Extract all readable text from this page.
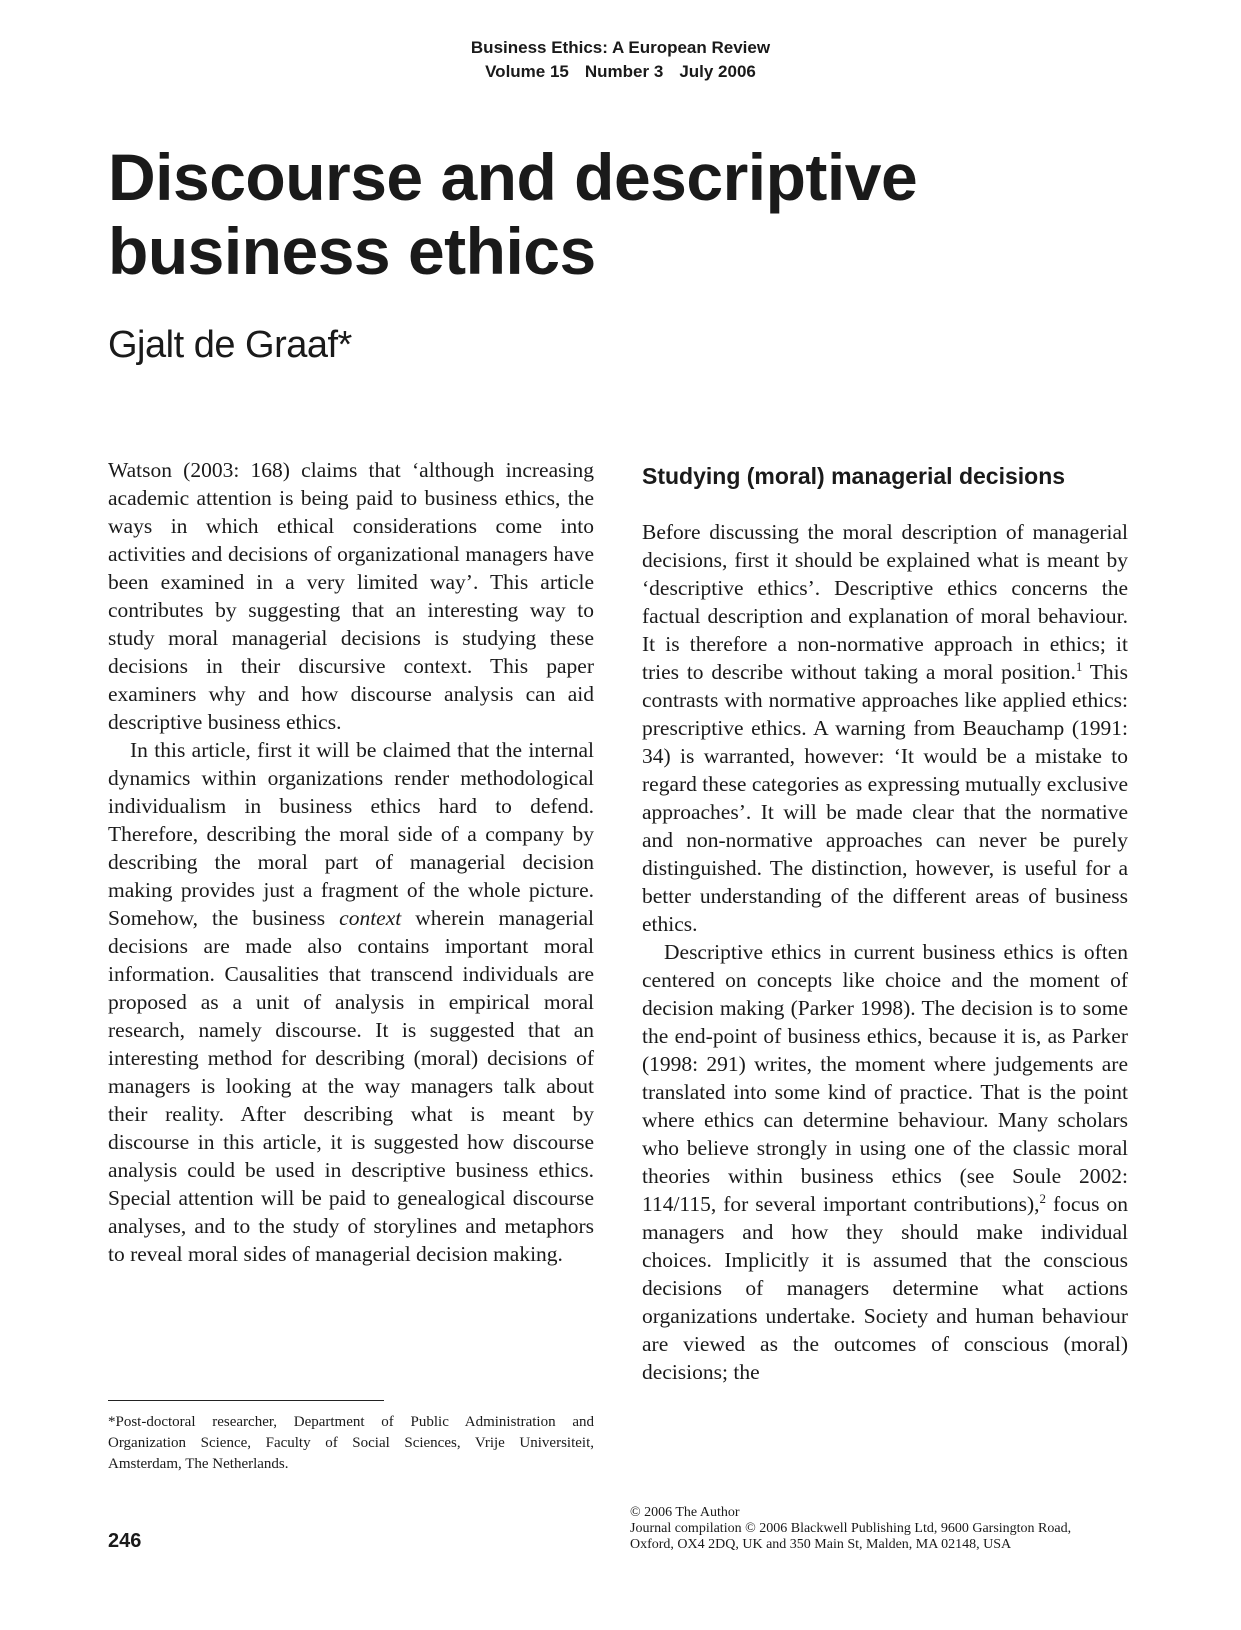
Business Ethics: A European Review
Volume 15 Number 3 July 2006
Discourse and descriptive business ethics
Gjalt de Graaf*

Watson (2003: 168) claims that ‘although increasing academic attention is being paid to business ethics, the ways in which ethical considerations come into activities and decisions of organizational managers have been examined in a very limited way’. This article contributes by suggesting that an interesting way to study moral managerial decisions is studying these decisions in their discursive context. This paper examiners why and how discourse analysis can aid descriptive business ethics.

In this article, first it will be claimed that the internal dynamics within organizations render methodological individualism in business ethics hard to defend. Therefore, describing the moral side of a company by describing the moral part of managerial decision making provides just a fragment of the whole picture. Somehow, the business context wherein managerial decisions are made also contains important moral information. Causalities that transcend individuals are proposed as a unit of analysis in empirical moral research, namely discourse. It is suggested that an interesting method for describing (moral) decisions of managers is looking at the way managers talk about their reality. After describing what is meant by discourse in this article, it is suggested how discourse analysis could be used in descriptive business ethics. Special attention will be paid to genealogical discourse analyses, and to the study of storylines and metaphors to reveal moral sides of managerial decision making.

Studying (moral) managerial decisions

Before discussing the moral description of managerial decisions, first it should be explained what is meant by ‘descriptive ethics’. Descriptive ethics concerns the factual description and explanation of moral behaviour. It is therefore a non-normative approach in ethics; it tries to describe without taking a moral position.$^1$ This contrasts with normative approaches like applied ethics: prescriptive ethics. A warning from Beauchamp (1991: 34) is warranted, however: ‘It would be a mistake to regard these categories as expressing mutually exclusive approaches’. It will be made clear that the normative and non-normative approaches can never be purely distinguished. The distinction, however, is useful for a better understanding of the different areas of business ethics.

Descriptive ethics in current business ethics is often centered on concepts like choice and the moment of decision making (Parker 1998). The decision is to some the end-point of business ethics, because it is, as Parker (1998: 291) writes, the moment where judgements are translated into some kind of practice. That is the point where ethics can determine behaviour. Many scholars who believe strongly in using one of the classic moral theories within business ethics (see Soule 2002: 114/115, for several important contributions),$^2$ focus on managers and how they should make individual choices. Implicitly it is assumed that the conscious decisions of managers determine what actions organizations undertake. Society and human behaviour are viewed as the outcomes of conscious (moral) decisions; the

*Post-doctoral researcher, Department of Public Administration and Organization Science, Faculty of Social Sciences, Vrije Universiteit, Amsterdam, The Netherlands.
246
© 2006 The Author
Journal compilation © 2006 Blackwell Publishing Ltd, 9600 Garsington Road,
Oxford, OX4 2DQ, UK and 350 Main St, Malden, MA 02148, USA
